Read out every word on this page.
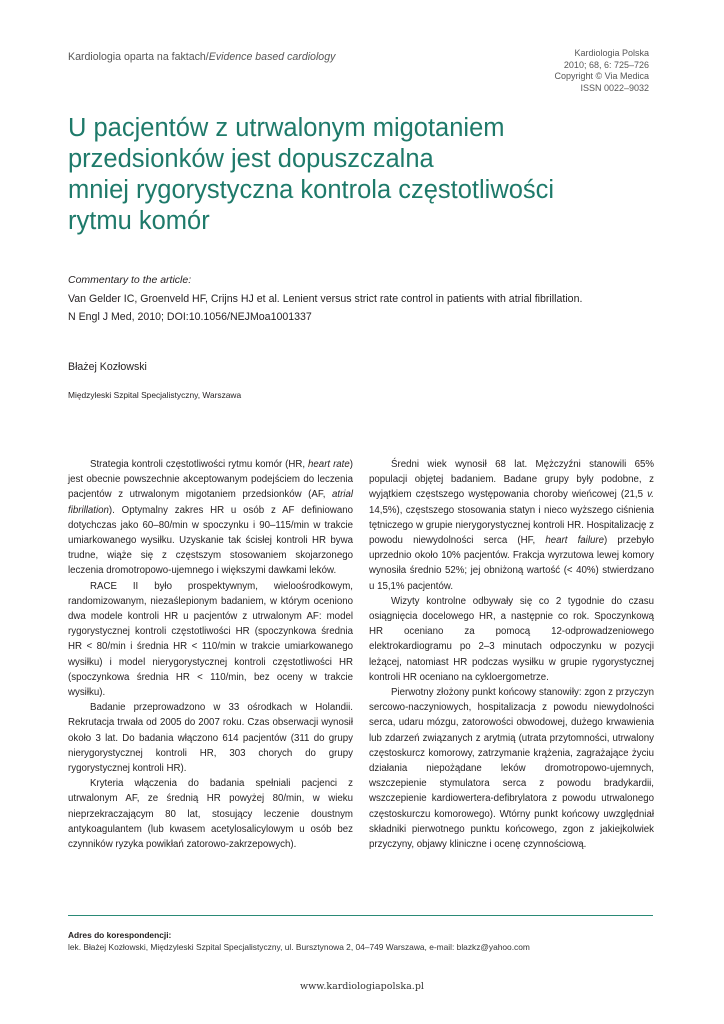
Kardiologia oparta na faktach/Evidence based cardiology	Kardiologia Polska
2010; 68, 6: 725–726
Copyright © Via Medica
ISSN 0022–9032
U pacjentów z utrwalonym migotaniem
przedsionków jest dopuszczalna
mniej rygorystyczna kontrola częstotliwości
rytmu komór
Commentary to the article:
Van Gelder IC, Groenveld HF, Crijns HJ et al. Lenient versus strict rate control in patients with atrial fibrillation.
N Engl J Med, 2010; DOI:10.1056/NEJMoa1001337
Błażej Kozłowski
Międzyleski Szpital Specjalistyczny, Warszawa

Strategia kontroli częstotliwości rytmu komór (HR, heart rate) jest obecnie powszechnie akceptowanym podejściem do leczenia pacjentów z utrwalonym migotaniem przedsionków (AF, atrial fibrillation). Optymalny zakres HR u osób z AF definiowano dotychczas jako 60–80/min w spoczynku i 90–115/min w trakcie umiarkowanego wysiłku. Uzyskanie tak ścisłej kontroli HR bywa trudne, wiąże się z częstszym stosowaniem skojarzonego leczenia dromotropowo-ujemnego i większymi dawkami leków.

RACE II było prospektywnym, wieloośrodkowym, randomizowanym, niezaślepionym badaniem, w którym oceniono dwa modele kontroli HR u pacjentów z utrwalonym AF: model rygorystycznej kontroli częstotliwości HR (spoczynkowa średnia HR < 80/min i średnia HR < 110/min w trakcie umiarkowanego wysiłku) i model nierygorystycznej kontroli częstotliwości HR (spoczynkowa średnia HR < 110/min, bez oceny w trakcie wysiłku).

Badanie przeprowadzono w 33 ośrodkach w Holandii. Rekrutacja trwała od 2005 do 2007 roku. Czas obserwacji wynosił około 3 lat. Do badania włączono 614 pacjentów (311 do grupy nierygorystycznej kontroli HR, 303 chorych do grupy rygorystycznej kontroli HR).

Kryteria włączenia do badania spełniali pacjenci z utrwalonym AF, ze średnią HR powyżej 80/min, w wieku nieprzekraczającym 80 lat, stosujący leczenie doustnym antykoagulantem (lub kwasem acetylosalicylowym u osób bez czynników ryzyka powikłań zatorowo-zakrzepowych).

Średni wiek wynosił 68 lat. Mężczyźni stanowili 65% populacji objętej badaniem. Badane grupy były podobne, z wyjątkiem częstszego występowania choroby wieńcowej (21,5 v. 14,5%), częstszego stosowania statyn i nieco wyższego ciśnienia tętniczego w grupie nierygorystycznej kontroli HR. Hospitalizację z powodu niewydolności serca (HF, heart failure) przebyło uprzednio około 10% pacjentów. Frakcja wyrzutowa lewej komory wynosiła średnio 52%; jej obniżoną wartość (< 40%) stwierdzano u 15,1% pacjentów.

Wizyty kontrolne odbywały się co 2 tygodnie do czasu osiągnięcia docelowego HR, a następnie co rok. Spoczynkową HR oceniano za pomocą 12-odprowadzeniowego elektrokardiogramu po 2–3 minutach odpoczynku w pozycji leżącej, natomiast HR podczas wysiłku w grupie rygorystycznej kontroli HR oceniano na cykloergometrze.

Pierwotny złożony punkt końcowy stanowiły: zgon z przyczyn sercowo-naczyniowych, hospitalizacja z powodu niewydolności serca, udaru mózgu, zatorowości obwodowej, dużego krwawienia lub zdarzeń związanych z arytmią (utrata przytomności, utrwalony częstoskurcz komorowy, zatrzymanie krążenia, zagrażające życiu działania niepożądane leków dromotropowo-ujemnych, wszczepienie stymulatora serca z powodu bradykardii, wszczepienie kardiowertera-defibrylatora z powodu utrwalonego częstoskurczu komorowego). Wtórny punkt końcowy uwzględniał składniki pierwotnego punktu końcowego, zgon z jakiejkolwiek przyczyny, objawy kliniczne i ocenę czynnościową.

Adres do korespondencji:
lek. Błażej Kozłowski, Międzyleski Szpital Specjalistyczny, ul. Bursztynowa 2, 04–749 Warszawa, e-mail: blazkz@yahoo.com
www.kardiologiapolska.pl
